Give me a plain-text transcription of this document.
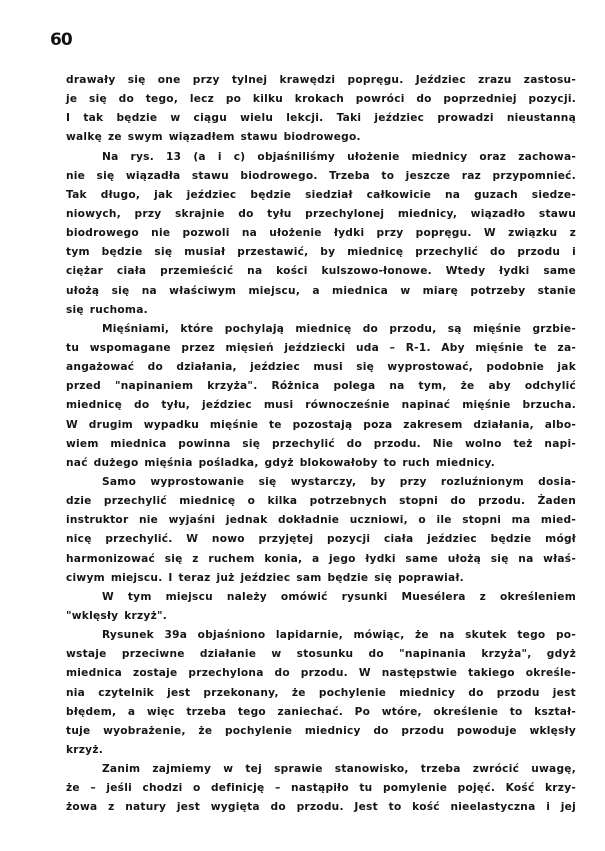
60
drawały się one przy tylnej krawędzi popręgu. Jeździec zrazu zastosu-
je się do tego, lecz po kilku krokach powróci do poprzedniej pozycji.
I tak będzie w ciągu wielu lekcji. Taki jeździec prowadzi nieustanną
walkę ze swym wiązadłem stawu biodrowego.
Na rys. 13 (a i c) objaśniliśmy ułożenie miednicy oraz zachowa-
nie się wiązadła stawu biodrowego. Trzeba to jeszcze raz przypomnieć.
Tak długo, jak jeździec będzie siedział całkowicie na guzach siedze-
niowych, przy skrajnie do tyłu przechylonej miednicy, wiązadło stawu
biodrowego nie pozwoli na ułożenie łydki przy popręgu. W związku z
tym będzie się musiał przestawić, by miednicę przechylić do przodu i
ciężar ciała przemieścić na kości kulszowo-łonowe. Wtedy łydki same
ułożą się na właściwym miejscu, a miednica w miarę potrzeby stanie
się ruchoma.
Mięśniami, które pochylają miednicę do przodu, są mięśnie grzbie-
tu wspomagane przez mięsień jeździecki uda – R-1. Aby mięśnie te za-
angażować do działania, jeździec musi się wyprostować, podobnie jak
przed "napinaniem krzyża". Różnica polega na tym, że aby odchylić
miednicę do tyłu, jeździec musi równocześnie napinać mięśnie brzucha.
W drugim wypadku mięśnie te pozostają poza zakresem działania, albo-
wiem miednica powinna się przechylić do przodu. Nie wolno też napi-
nać dużego mięśnia pośladka, gdyż blokowałoby to ruch miednicy.
Samo wyprostowanie się wystarczy, by przy rozluźnionym dosia-
dzie przechylić miednicę o kilka potrzebnych stopni do przodu. Żaden
instruktor nie wyjaśni jednak dokładnie uczniowi, o ile stopni ma mied-
nicę przechylić. W nowo przyjętej pozycji ciała jeździec będzie mógł
harmonizować się z ruchem konia, a jego łydki same ułożą się na właś-
ciwym miejscu. I teraz już jeździec sam będzie się poprawiał.
W tym miejscu należy omówić rysunki Muesélera z określeniem
"wklęsły krzyż".
Rysunek 39a objaśniono lapidarnie, mówiąc, że na skutek tego po-
wstaje przeciwne działanie w stosunku do "napinania krzyża", gdyż
miednica zostaje przechylona do przodu. W następstwie takiego określe-
nia czytelnik jest przekonany, że pochylenie miednicy do przodu jest
błędem, a więc trzeba tego zaniechać. Po wtóre, określenie to kształ-
tuje wyobrażenie, że pochylenie miednicy do przodu powoduje wklęsły
krzyż.
Zanim zajmiemy w tej sprawie stanowisko, trzeba zwrócić uwagę,
że – jeśli chodzi o definicję – nastąpiło tu pomylenie pojęć. Kość krzy-
żowa z natury jest wygięta do przodu. Jest to kość nieelastyczna i jej
